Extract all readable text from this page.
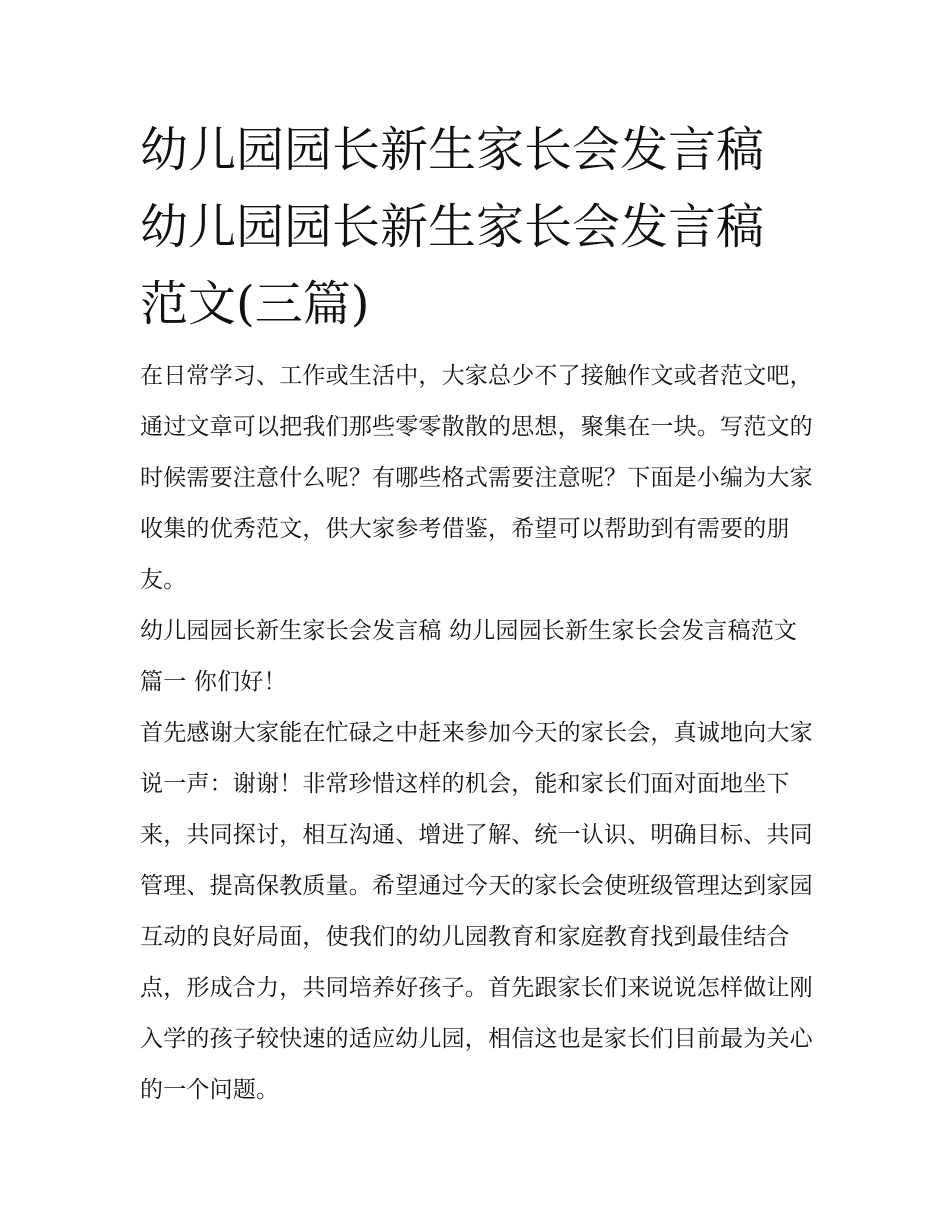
幼儿园园长新生家长会发言稿
幼儿园园长新生家长会发言稿
范文(三篇)

在日常学习、工作或生活中，大家总少不了接触作文或者范文吧，通过文章可以把我们那些零零散散的思想，聚集在一块。写范文的时候需要注意什么呢？有哪些格式需要注意呢？下面是小编为大家收集的优秀范文，供大家参考借鉴，希望可以帮助到有需要的朋友。

幼儿园园长新生家长会发言稿 幼儿园园长新生家长会发言稿范文篇一 你们好！

首先感谢大家能在忙碌之中赶来参加今天的家长会，真诚地向大家说一声：谢谢！非常珍惜这样的机会，能和家长们面对面地坐下来，共同探讨，相互沟通、增进了解、统一认识、明确目标、共同管理、提高保教质量。希望通过今天的家长会使班级管理达到家园互动的良好局面，使我们的幼儿园教育和家庭教育找到最佳结合点，形成合力，共同培养好孩子。首先跟家长们来说说怎样做让刚入学的孩子较快速的适应幼儿园，相信这也是家长们目前最为关心的一个问题。
